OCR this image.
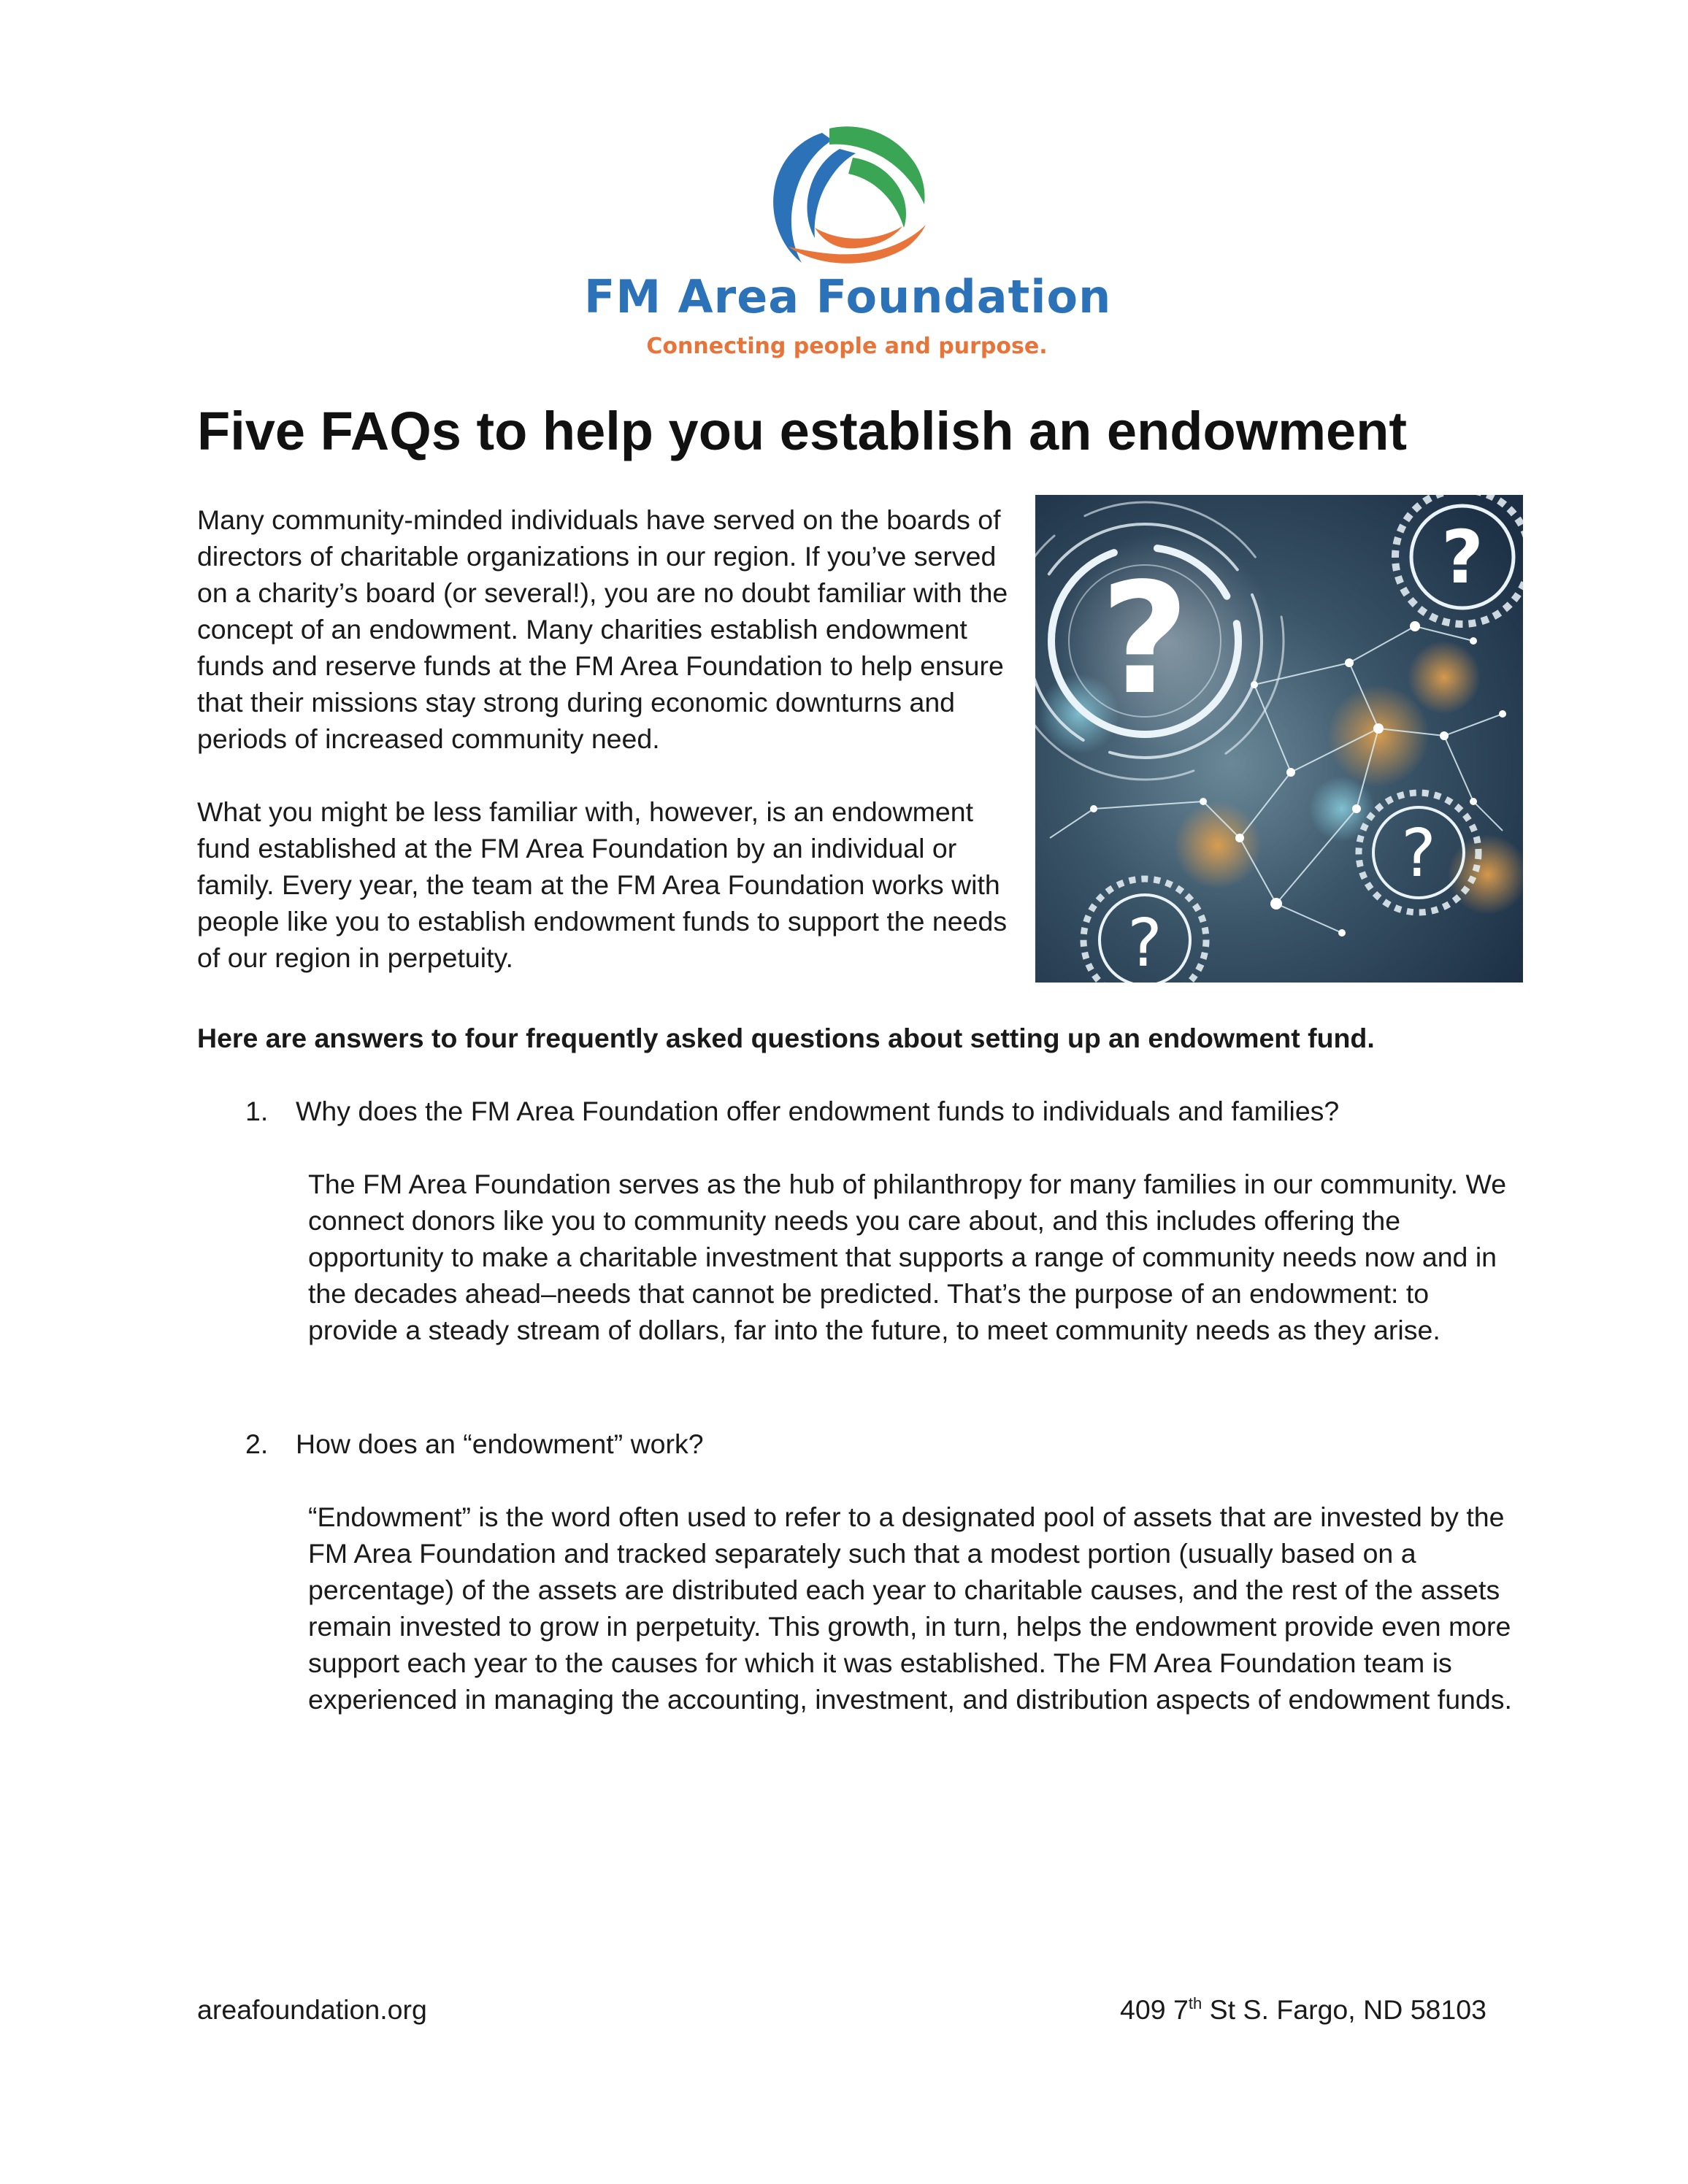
FM Area Foundation
Connecting people and purpose.
Five FAQs to help you establish an endowment

Many community-minded individuals have served on the boards of directors of charitable organizations in our region. If you’ve served on a charity’s board (or several!), you are no doubt familiar with the concept of an endowment. Many charities establish endowment funds and reserve funds at the FM Area Foundation to help ensure that their missions stay strong during economic downturns and periods of increased community need.

What you might be less familiar with, however, is an endowment fund established at the FM Area Foundation by an individual or family. Every year, the team at the FM Area Foundation works with people like you to establish endowment funds to support the needs of our region in perpetuity.

?	?
?
?

Here are answers to four frequently asked questions about setting up an endowment fund.

1. Why does the FM Area Foundation offer endowment funds to individuals and families?

The FM Area Foundation serves as the hub of philanthropy for many families in our community. We connect donors like you to community needs you care about, and this includes offering the opportunity to make a charitable investment that supports a range of community needs now and in the decades ahead–needs that cannot be predicted. That’s the purpose of an endowment: to provide a steady stream of dollars, far into the future, to meet community needs as they arise.

2. How does an “endowment” work?

“Endowment” is the word often used to refer to a designated pool of assets that are invested by the FM Area Foundation and tracked separately such that a modest portion (usually based on a percentage) of the assets are distributed each year to charitable causes, and the rest of the assets remain invested to grow in perpetuity. This growth, in turn, helps the endowment provide even more support each year to the causes for which it was established. The FM Area Foundation team is experienced in managing the accounting, investment, and distribution aspects of endowment funds.

areafoundation.org	409 7th St S. Fargo, ND 58103
